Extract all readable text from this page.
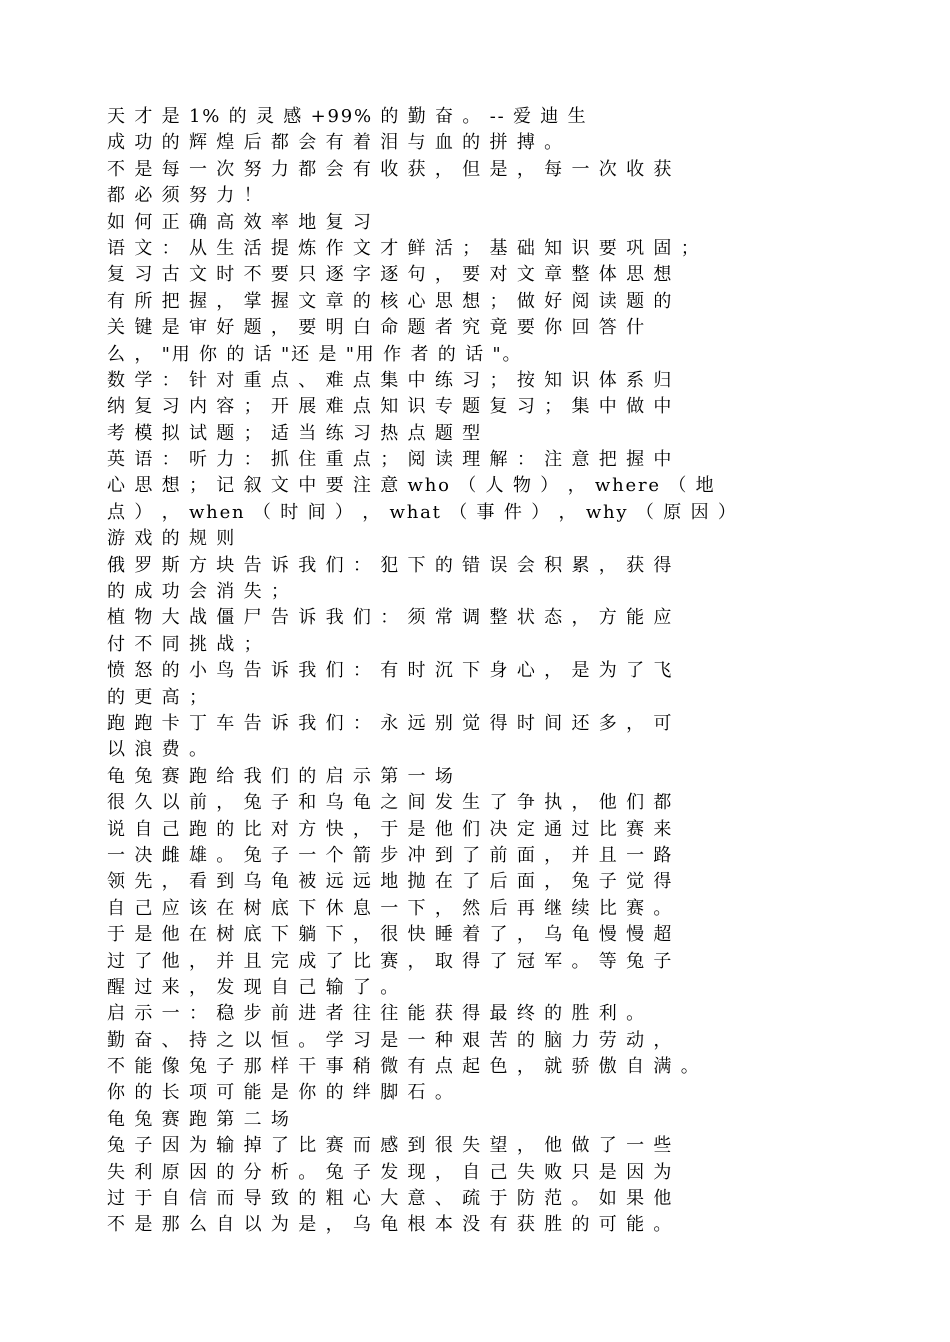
天 才 是 1% 的 灵 感 +99% 的 勤 奋 。 -- 爱 迪 生
成 功 的 辉 煌 后 都 会 有 着 泪 与 血 的 拼 搏 。
不 是 每 一 次 努 力 都 会 有 收 获 ， 但 是 ， 每 一 次 收 获
都 必 须 努 力 ！
如 何 正 确 高 效 率 地 复 习
语 文 ： 从 生 活 提 炼 作 文 才 鲜 活 ； 基 础 知 识 要 巩 固 ；
复 习 古 文 时 不 要 只 逐 字 逐 句 ， 要 对 文 章 整 体 思 想
有 所 把 握 ， 掌 握 文 章 的 核 心 思 想 ； 做 好 阅 读 题 的
关 键 是 审 好 题 ， 要 明 白 命 题 者 究 竟 要 你 回 答 什
么 ， "用 你 的 话 "还 是 "用 作 者 的 话 "。
数 学 ： 针 对 重 点 、 难 点 集 中 练 习 ； 按 知 识 体 系 归
纳 复 习 内 容 ； 开 展 难 点 知 识 专 题 复 习 ； 集 中 做 中
考 模 拟 试 题 ； 适 当 练 习 热 点 题 型
英 语 ： 听 力 ： 抓 住 重 点 ； 阅 读 理 解 ： 注 意 把 握 中
心 思 想 ； 记 叙 文 中 要 注 意 who （ 人 物 ） ， where （ 地
点 ） ， when （ 时 间 ） ， what （ 事 件 ） ， why （ 原 因 ）
游 戏 的 规 则
俄 罗 斯 方 块 告 诉 我 们 ： 犯 下 的 错 误 会 积 累 ， 获 得
的 成 功 会 消 失 ；
植 物 大 战 僵 尸 告 诉 我 们 ： 须 常 调 整 状 态 ， 方 能 应
付 不 同 挑 战 ；
愤 怒 的 小 鸟 告 诉 我 们 ： 有 时 沉 下 身 心 ， 是 为 了 飞
的 更 高 ；
跑 跑 卡 丁 车 告 诉 我 们 ： 永 远 别 觉 得 时 间 还 多 ， 可
以 浪 费 。
龟 兔 赛 跑 给 我 们 的 启 示 第 一 场
很 久 以 前 ， 兔 子 和 乌 龟 之 间 发 生 了 争 执 ， 他 们 都
说 自 己 跑 的 比 对 方 快 ， 于 是 他 们 决 定 通 过 比 赛 来
一 决 雌 雄 。 兔 子 一 个 箭 步 冲 到 了 前 面 ， 并 且 一 路
领 先 ， 看 到 乌 龟 被 远 远 地 抛 在 了 后 面 ， 兔 子 觉 得
自 己 应 该 在 树 底 下 休 息 一 下 ， 然 后 再 继 续 比 赛 。
于 是 他 在 树 底 下 躺 下 ， 很 快 睡 着 了 ， 乌 龟 慢 慢 超
过 了 他 ， 并 且 完 成 了 比 赛 ， 取 得 了 冠 军 。 等 兔 子
醒 过 来 ， 发 现 自 己 输 了 。
启 示 一 ： 稳 步 前 进 者 往 往 能 获 得 最 终 的 胜 利 。
勤 奋 、 持 之 以 恒 。 学 习 是 一 种 艰 苦 的 脑 力 劳 动 ，
不 能 像 兔 子 那 样 干 事 稍 微 有 点 起 色 ， 就 骄 傲 自 满 。
你 的 长 项 可 能 是 你 的 绊 脚 石 。
龟 兔 赛 跑 第 二 场
兔 子 因 为 输 掉 了 比 赛 而 感 到 很 失 望 ， 他 做 了 一 些
失 利 原 因 的 分 析 。 兔 子 发 现 ， 自 己 失 败 只 是 因 为
过 于 自 信 而 导 致 的 粗 心 大 意 、 疏 于 防 范 。 如 果 他
不 是 那 么 自 以 为 是 ， 乌 龟 根 本 没 有 获 胜 的 可 能 。
